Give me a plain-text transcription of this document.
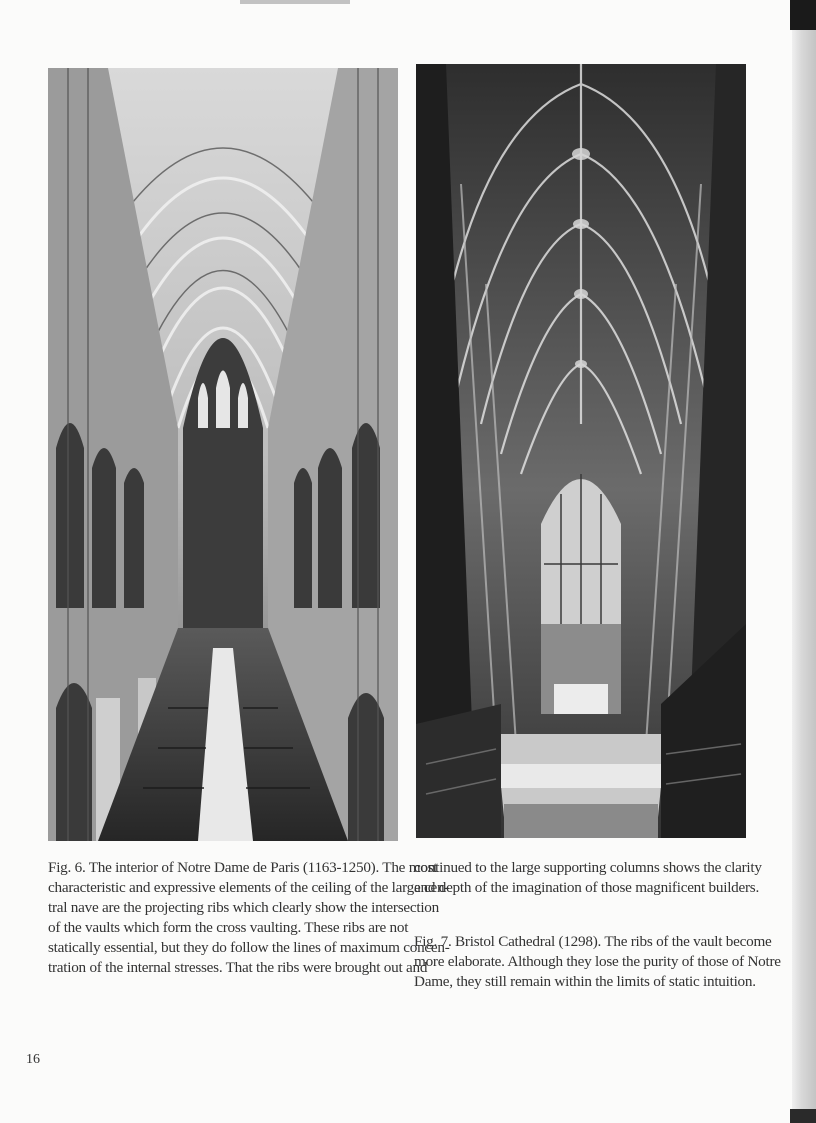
Fig. 6. The interior of Notre Dame de Paris (1163-1250). The most
characteristic and expressive elements of the ceiling of the large cen-
tral nave are the projecting ribs which clearly show the intersection
of the vaults which form the cross vaulting. These ribs are not
statically essential, but they do follow the lines of maximum concen-
tration of the internal stresses. That the ribs were brought out and
continued to the large supporting columns shows the clarity
and depth of the imagination of those magnificent builders.
Fig. 7. Bristol Cathedral (1298). The ribs of the vault become
more elaborate. Although they lose the purity of those of Notre
Dame, they still remain within the limits of static intuition.
16
